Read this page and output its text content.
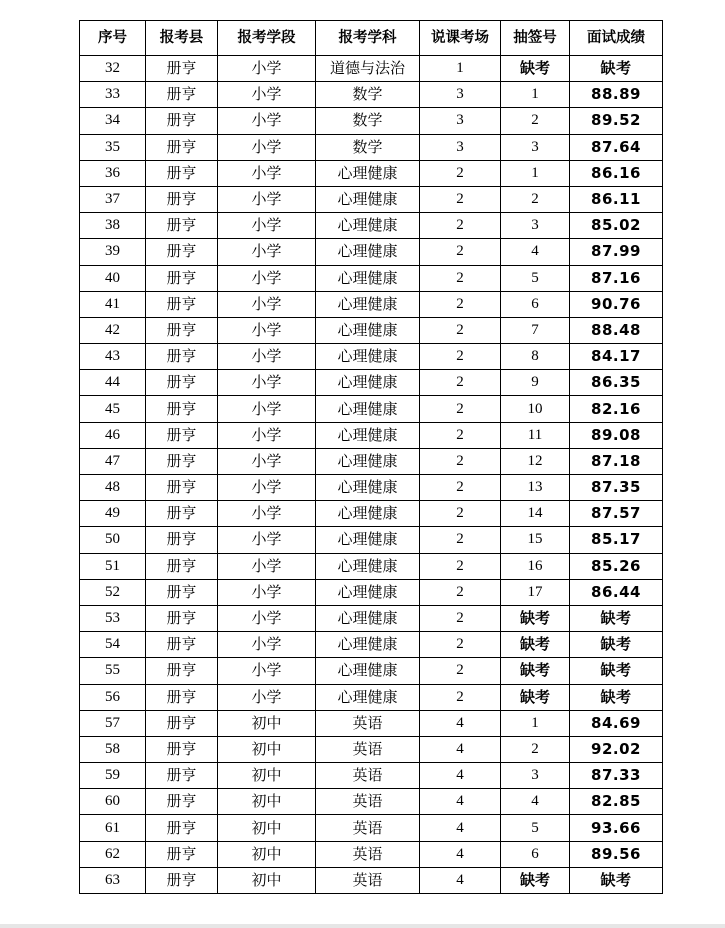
序号	报考县	报考学段	报考学科	说课考场	抽签号	面试成绩
32	册亨	小学	道德与法治	1	缺考	缺考
33	册亨	小学	数学	3	1	88.89
34	册亨	小学	数学	3	2	89.52
35	册亨	小学	数学	3	3	87.64
36	册亨	小学	心理健康	2	1	86.16
37	册亨	小学	心理健康	2	2	86.11
38	册亨	小学	心理健康	2	3	85.02
39	册亨	小学	心理健康	2	4	87.99
40	册亨	小学	心理健康	2	5	87.16
41	册亨	小学	心理健康	2	6	90.76
42	册亨	小学	心理健康	2	7	88.48
43	册亨	小学	心理健康	2	8	84.17
44	册亨	小学	心理健康	2	9	86.35
45	册亨	小学	心理健康	2	10	82.16
46	册亨	小学	心理健康	2	11	89.08
47	册亨	小学	心理健康	2	12	87.18
48	册亨	小学	心理健康	2	13	87.35
49	册亨	小学	心理健康	2	14	87.57
50	册亨	小学	心理健康	2	15	85.17
51	册亨	小学	心理健康	2	16	85.26
52	册亨	小学	心理健康	2	17	86.44
53	册亨	小学	心理健康	2	缺考	缺考
54	册亨	小学	心理健康	2	缺考	缺考
55	册亨	小学	心理健康	2	缺考	缺考
56	册亨	小学	心理健康	2	缺考	缺考
57	册亨	初中	英语	4	1	84.69
58	册亨	初中	英语	4	2	92.02
59	册亨	初中	英语	4	3	87.33
60	册亨	初中	英语	4	4	82.85
61	册亨	初中	英语	4	5	93.66
62	册亨	初中	英语	4	6	89.56
63	册亨	初中	英语	4	缺考	缺考
